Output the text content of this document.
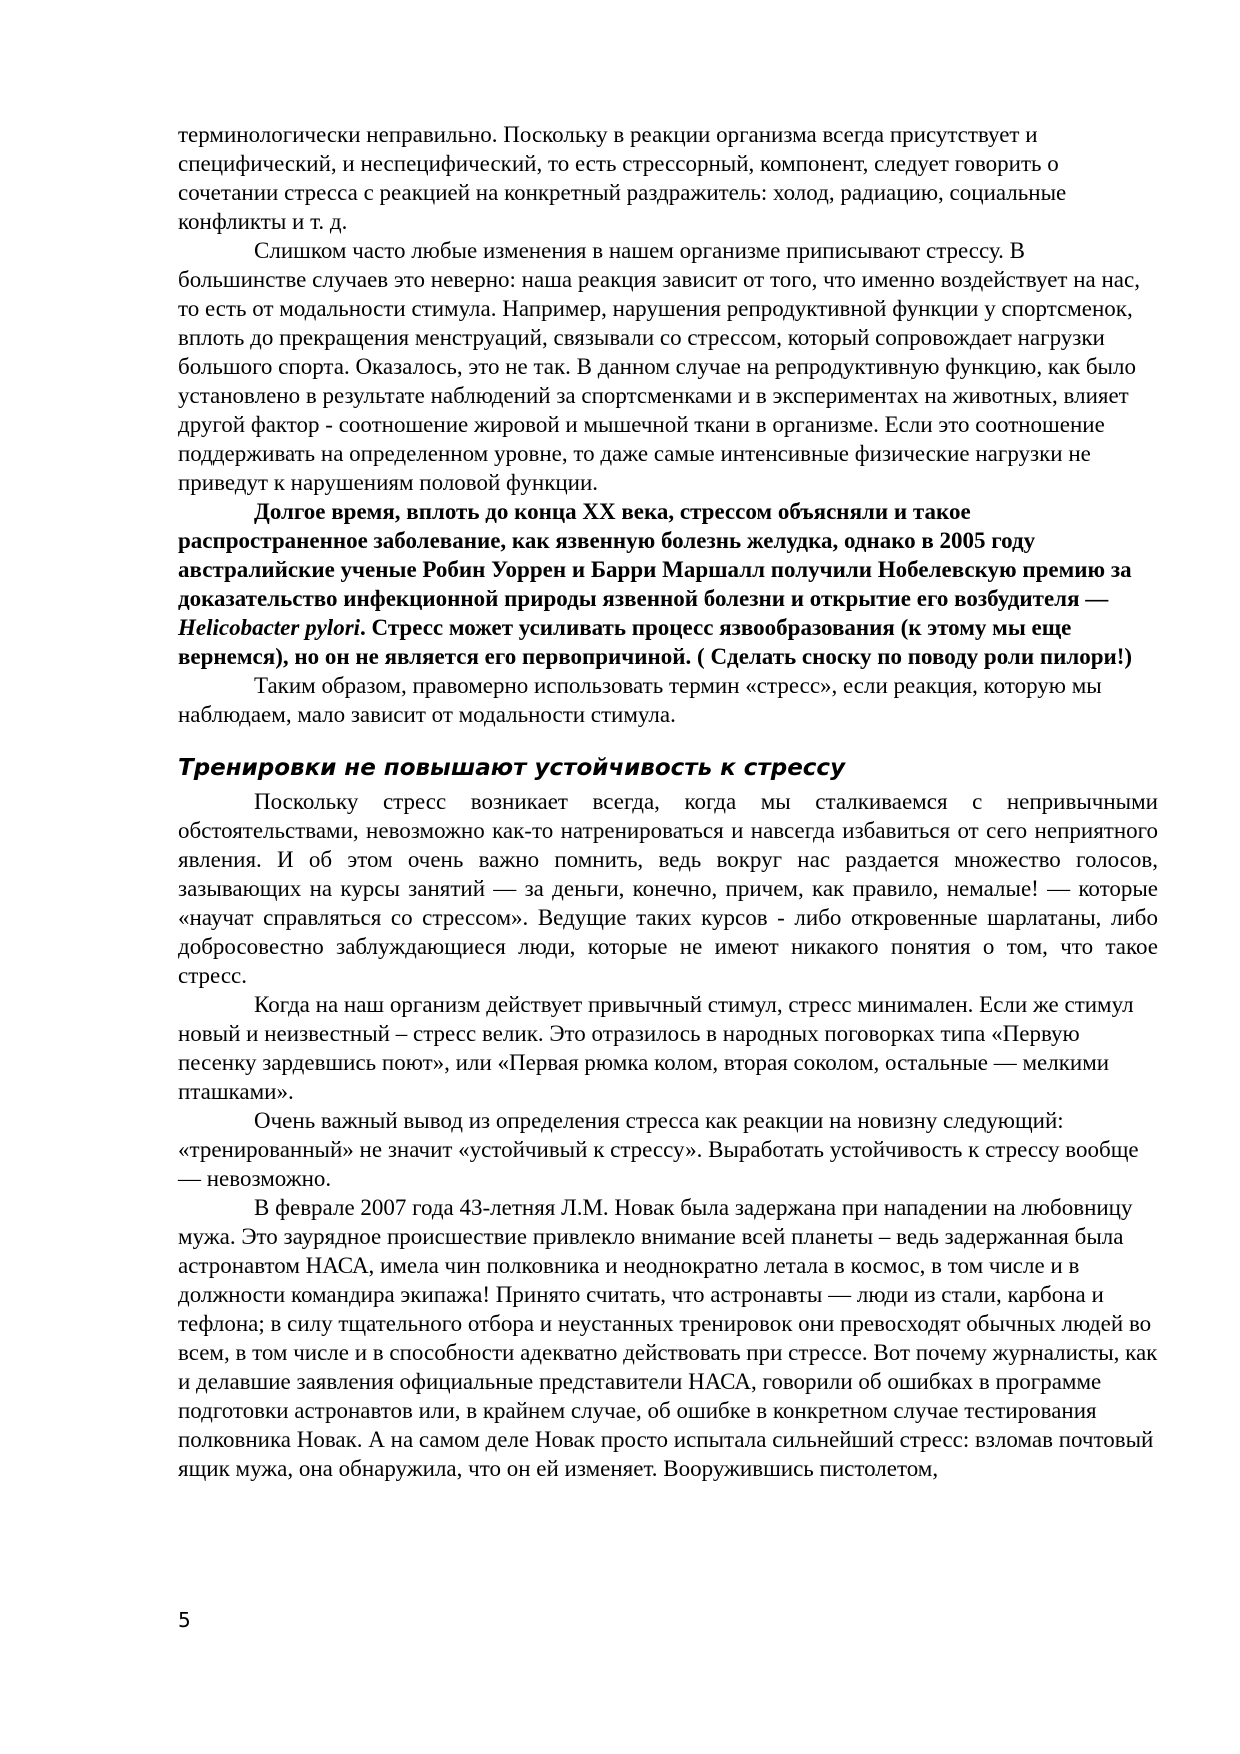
терминологически неправильно. Поскольку в реакции организма всегда присутствует и специфический, и неспецифический, то есть стрессорный, компонент, следует говорить о сочетании стресса с реакцией на конкретный раздражитель: холод, радиацию, социальные конфликты и т. д.

Слишком часто любые изменения в нашем организме приписывают стрессу. В большинстве случаев это неверно: наша реакция зависит от того, что именно воздействует на нас, то есть от модальности стимула. Например, нарушения репродуктивной функции у спортсменок, вплоть до прекращения менструаций, связывали со стрессом, который сопровождает нагрузки большого спорта. Оказалось, это не так. В данном случае на репродуктивную функцию, как было установлено в результате наблюдений за спортсменками и в экспериментах на животных, влияет другой фактор - соотношение жировой и мышечной ткани в организме. Если это соотношение поддерживать на определенном уровне, то даже самые интенсивные физические нагрузки не приведут к нарушениям половой функции.

Долгое время, вплоть до конца XX века, стрессом объясняли и такое распространенное заболевание, как язвенную болезнь желудка, однако в 2005 году австралийские ученые Робин Уоррен и Барри Маршалл получили Нобелевскую премию за доказательство инфекционной природы язвенной болезни и открытие его возбудителя — Helicobacter pylori. Стресс может усиливать процесс язвообразования (к этому мы еще вернемся), но он не является его первопричиной. ( Сделать сноску по поводу роли пилори!)

Таким образом, правомерно использовать термин «стресс», если реакция, которую мы наблюдаем, мало зависит от модальности стимула.

Тренировки не повышают устойчивость к стрессу

Поскольку стресс возникает всегда, когда мы сталкиваемся с непривычными обстоятельствами, невозможно как-то натренироваться и навсегда избавиться от сего неприятного явления. И об этом очень важно помнить, ведь вокруг нас раздается множество голосов, зазывающих на курсы занятий — за деньги, конечно, причем, как правило, немалые! — которые «научат справляться со стрессом». Ведущие таких курсов - либо откровенные шарлатаны, либо добросовестно заблуждающиеся люди, которые не имеют никакого понятия о том, что такое стресс.

Когда на наш организм действует привычный стимул, стресс минимален. Если же стимул новый и неизвестный – стресс велик. Это отразилось в народных поговорках типа «Первую песенку зардевшись поют», или «Первая рюмка колом, вторая соколом, остальные — мелкими пташками».

Очень важный вывод из определения стресса как реакции на новизну следующий: «тренированный» не значит «устойчивый к стрессу». Выработать устойчивость к стрессу вообще — невозможно.

В феврале 2007 года 43-летняя Л.М. Новак была задержана при нападении на любовницу мужа. Это заурядное происшествие привлекло внимание всей планеты – ведь задержанная была астронавтом НАСА, имела чин полковника и неоднократно летала в космос, в том числе и в должности командира экипажа! Принято считать, что астронавты — люди из стали, карбона и тефлона; в силу тщательного отбора и неустанных тренировок они превосходят обычных людей во всем, в том числе и в способности адекватно действовать при стрессе. Вот почему журналисты, как и делавшие заявления официальные представители НАСА, говорили об ошибках в программе подготовки астронавтов или, в крайнем случае, об ошибке в конкретном случае тестирования полковника Новак. А на самом деле Новак просто испытала сильнейший стресс: взломав почтовый ящик мужа, она обнаружила, что он ей изменяет. Вооружившись пистолетом,

5
